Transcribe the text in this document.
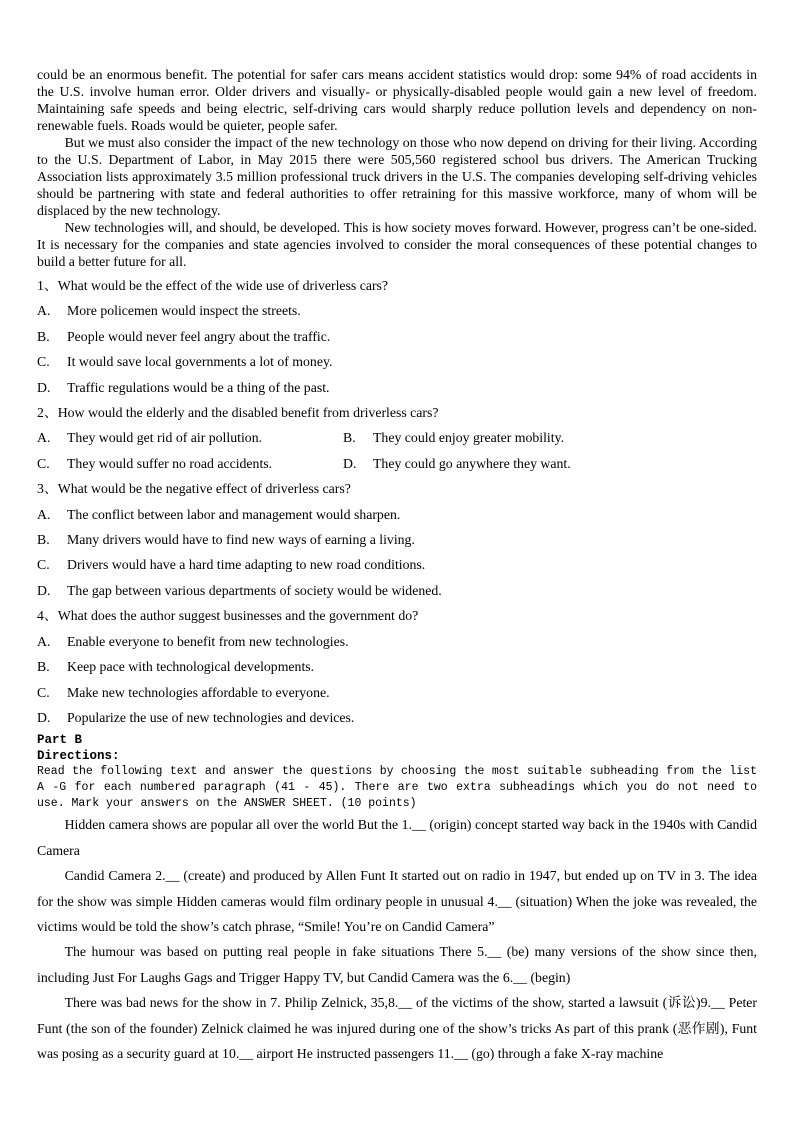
could be an enormous benefit. The potential for safer cars means accident statistics would drop: some 94% of road accidents in the U.S. involve human error. Older drivers and visually- or physically-disabled people would gain a new level of freedom. Maintaining safe speeds and being electric, self-driving cars would sharply reduce pollution levels and dependency on non-renewable fuels. Roads would be quieter, people safer.

But we must also consider the impact of the new technology on those who now depend on driving for their living. According to the U.S. Department of Labor, in May 2015 there were 505,560 registered school bus drivers. The American Trucking Association lists approximately 3.5 million professional truck drivers in the U.S. The companies developing self-driving vehicles should be partnering with state and federal authorities to offer retraining for this massive workforce, many of whom will be displaced by the new technology.

New technologies will, and should, be developed. This is how society moves forward. However, progress can’t be one-sided. It is necessary for the companies and state agencies involved to consider the moral consequences of these potential changes to build a better future for all.

1、What would be the effect of the wide use of driverless cars?
A. More policemen would inspect the streets.
B. People would never feel angry about the traffic.
C. It would save local governments a lot of money.
D. Traffic regulations would be a thing of the past.
2、How would the elderly and the disabled benefit from driverless cars?
A. They would get rid of air pollution.	B. They could enjoy greater mobility.
C. They would suffer no road accidents.	D. They could go anywhere they want.
3、What would be the negative effect of driverless cars?
A. The conflict between labor and management would sharpen.
B. Many drivers would have to find new ways of earning a living.
C. Drivers would have a hard time adapting to new road conditions.
D. The gap between various departments of society would be widened.
4、What does the author suggest businesses and the government do?
A. Enable everyone to benefit from new technologies.
B. Keep pace with technological developments.
C. Make new technologies affordable to everyone.
D. Popularize the use of new technologies and devices.
Part B
Directions:

Read the following text and answer the questions by choosing the most suitable subheading from the list A -G for each numbered paragraph (41 - 45). There are two extra subheadings which you do not need to use. Mark your answers on the ANSWER SHEET. (10 points)

Hidden camera shows are popular all over the world But the 1.__ (origin) concept started way back in the 1940s with Candid Camera

Candid Camera 2.__ (create) and produced by Allen Funt It started out on radio in 1947, but ended up on TV in 3. The idea for the show was simple Hidden cameras would film ordinary people in unusual 4.__ (situation) When the joke was revealed, the victims would be told the show’s catch phrase, “Smile! You’re on Candid Camera”

The humour was based on putting real people in fake situations There 5.__ (be) many versions of the show since then, including Just For Laughs Gags and Trigger Happy TV, but Candid Camera was the 6.__ (begin)

There was bad news for the show in 7. Philip Zelnick, 35,8.__ of the victims of the show, started a lawsuit (诉讼)9.__ Peter Funt (the son of the founder) Zelnick claimed he was injured during one of the show’s tricks As part of this prank (恶作剧), Funt was posing as a security guard at 10.__ airport He instructed passengers 11.__ (go) through a fake X-ray machine
